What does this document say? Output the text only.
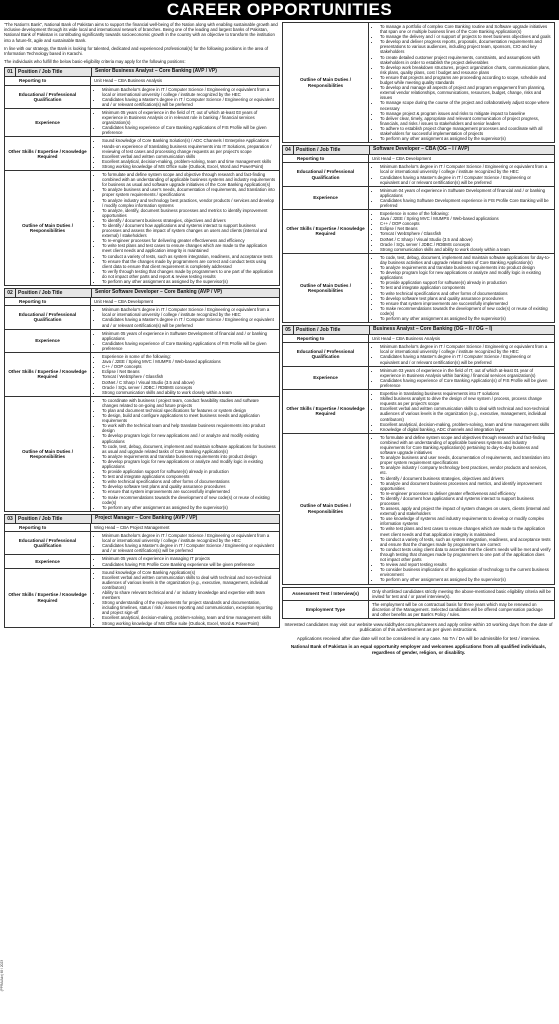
CAREER OPPORTUNITIES

"The Nation's Bank", National Bank of Pakistan aims to support the financial well-being of the Nation along with enabling sustainable growth and inclusive development through its wide local and international network of branches. Being one of the leading and largest banks of Pakistan, National Bank of Pakistan is contributing significantly towards socioeconomic growth in the country with an objective to transform the institution into a future-fit, agile and sustainable Bank.

In line with our strategy, the Bank is looking for talented, dedicated and experienced professional(s) for the following positions in the area of Information Technology based in Karachi.

The individuals who fulfill the below basic-eligibility criteria may apply for the following positions:

01	Position / Job Title	Senior Business Analyst – Core Banking (AVP / VP)
Reporting to	Unit Head – CBA Business Analysis
Educational / Professional Qualification
• Minimum Bachelor's degree in IT / Computer Science / Engineering or equivalent from a local or international university / college / institute recognized by the HEC
• Candidates having a Master's degree in IT / Computer Science / Engineering or equivalent and / or relevant certification(s) will be preferred
Experience
• Minimum 05 years of experience in the field of IT, out of which at-least 03 years of experience in Business Analysis or in relevant role in banking / financial services organization(s)
• Candidates having experience of Core Banking Applications of FIS Profile will be given preference
Other Skills / Expertise / Knowledge Required
• Sound knowledge of Core Banking Solution(s) / ADC Channels / Enterprise Applications
• Hands-on experience of translating business requirements into IT Solutions, preparation / reviewing of test cases and processing change requests as per project's scope
• Excellent verbal and written communication skills
• Excellent analytical, decision-making, problem-solving, team and time management skills
• Strong working knowledge of MS Office suite (Outlook, Excel, Word and PowerPoint)
Outline of Main Duties / Responsibilities
• To formulate and define system scope and objective through research and fact-finding combined with an understanding of applicable business systems and industry requirements for business as usual and software upgrade initiatives of the Core Banking Application(s)
• To analyze business and user's needs, documentation of requirements, and translation into proper system requirements / specifications
• To analyze industry and technology best practices, vendor products / services and develop / modify complex information systems
• To analyze, identify, document business processes and metrics to identify improvement opportunities
• To identify / document business strategies, objectives and drivers
• To identify / document how applications and systems interact to support business processes and assess the impact of system changes on users and clients (internal and external) / stakeholders
• To re-engineer processes for delivering greater effectiveness and efficiency
• To write test plans and test cases to ensure changes which are made to the application meet client needs and application integrity is maintained
• To conduct a variety of tests, such as system integration, readiness, and acceptance tests
• To ensure that the changes made by programmers are correct and conduct tests using client data to ensure that client requirement is completely addressed
• To verify through testing that changes made by programmers to one part of the application do not impact other parts and report & review testing results
• To perform any other assignment as assigned by the supervisor(s)
02	Position / Job Title	Senior Software Developer – Core Banking (AVP / VP)
Reporting to	Unit Head – CBA Development
Educational / Professional Qualification
• Minimum Bachelor's degree in IT / Computer Science / Engineering or equivalent from a local or international university / college / institute recognized by the HEC
• Candidates having a Master's degree in IT / Computer Science / Engineering or equivalent and / or relevant certification(s) will be preferred
Experience
• Minimum 05 years of experience in Software Development of financial and / or banking applications
• Candidates having experience of Core Banking Applications of FIS Profile will be given preference
Other Skills / Expertise / Knowledge Required
• Experience in some of the following:
• Java / J2EE / Spring MVC / MUMPS / Web-based applications
• C++ / OOP concepts
• Eclipse / Net Beans
• Tomcat / WebSphere / Glassfish
• DotNet / C Sharp / Visual Studio (3.5 and above)
• Oracle / SQL server / JDBC / RDBMS concepts
• Strong communication skills and ability to work closely within a team
Outline of Main Duties / Responsibilities
• To coordinate with business / project team, conduct feasibility studies and software changes related to on-going and future projects
• To plan and document technical specifications for features or system design
• To design, build and configure applications to meet business needs and application requirements
• To work with the technical team and help translate business requirements into product design
• To develop program logic for new applications and / or analyze and modify existing applications
• To code, test, debug, document, implement and maintain software applications for business as usual and upgrade related tasks of Core Banking Application(s)
• To analyze requirements and translate business requirements into product design
• To develop program logic for new applications or analyze and modify logic in existing applications
• To provide application support for software(s) already in production
• To test and integrate applications components
• To write technical specifications and other forms of documentations
• To develop software test plans and quality assurance procedures
• To ensure that system improvements are successfully implemented
• To make recommendations towards the development of new code(s) or reuse of existing code(s)
• To perform any other assignment as assigned by the supervisor(s)
03	Position / Job Title	Project Manager – Core Banking (AVP / VP)
Reporting to	Wing Head – CBA Project Management
Educational / Professional Qualification
• Minimum Bachelor's degree in IT / Computer Science / Engineering or equivalent from a local or international university / college / institute recognized by the HEC
• Candidates having a Master's degree in IT / Computer Science / Engineering or equivalent and / or relevant certification(s) will be preferred
Experience
•	Minimum 05 years of experience in managing IT projects
• Candidates having FIS Profile Core Banking experience will be given preference
Other Skills / Expertise / Knowledge Required
• Sound knowledge of Core Banking Application(s)
• Excellent verbal and written communication skills to deal with technical and non-technical audiences of various levels in the organization (e.g., executive, management, individual contributors)
• Ability to share relevant technical and / or industry knowledge and expertise with team members
• Strong understanding of the requirements for project standards and documentation, including timelines, status / risk / issues reporting and communication, exception reporting and project sign-off
• Excellent analytical, decision-making, problem-solving, team and time management skills
• Strong working knowledge of MS Office suite (Outlook, Excel, Word & PowerPoint)
Outline of Main Duties / Responsibilities
• To manage a portfolio of complex Core Banking routine and Software upgrade initiatives that span one or multiple business lines of the Core Banking Application(s)
• To manage the delivery and / or support of projects to meet business objectives and goals
• To develop and deliver progress reports, proposals, documentation requirements and presentations to various audiences, including project team, sponsors, CIO and key stakeholders
• To create detailed customer project requirements, constraints, and assumptions with stakeholders in order to establish the project deliverables
• To develop work breakdown structures, project organization charts, communication plans, risk plans, quality plans, cost / budget and resource plans
• To ensure that projects and programs are proceeding according to scope, schedule and budget while meeting quality standards
• To develop and manage all aspects of project and program engagement from planning, external vendor relationships, communications, resources, budget, change, risks and issues
• To manage scope during the course of the project and collaboratively adjust scope where necessary
• To manage project & program issues and risks to mitigate impact to baseline
• To deliver clear, timely, appropriate and relevant communication of project progress, financials, and risks / issues to stakeholders and senior leaders
• To adhere to establish project change management processes and coordinate with all stakeholders for successful implementation of projects
• To perform any other assignment as assigned by the supervisor(s)
04	Position / Job Title	Software Developer – CBA (OG – I / AVP)
Reporting to	Unit Head – CBA Development
Educational / Professional Qualification
• Minimum Bachelor's degree in IT / Computer Science / Engineering or equivalent from a local or international university / college / institute recognized by the HEC
• Candidates having a Master's degree in IT / Computer Science / Engineering or equivalent and / or relevant certification(s) will be preferred
Experience
• Minimum 04 years of experience in Software Development of financial and / or banking applications
• Candidates having Software Development experience in FIS Profile Core Banking will be preferred
Other Skills / Expertise / Knowledge Required
• Experience in some of the following:
• Java / J2EE / Spring MVC / MUMPS / Web-based applications
• C++ / OOP concepts
• Eclipse / Net Beans
• Tomcat / WebSphere / Glassfish
• DotNet / C Sharp / Visual Studio (3.5 and above)
• Oracle / SQL server / JDBC / RDBMS concepts
• Strong communication skills and ability to work closely within a team
Outline of Main Duties / Responsibilities
• To code, test, debug, document, implement and maintain software applications for day-to-day business activities and upgrade related tasks of Core Banking Application(s)
• To analyze requirements and translate business requirements into product design
• To develop program logic for new applications or analyze and modify logic in existing applications
• To provide application support for software(s) already in production
• To test and integrate application components
• To write technical specifications and other forms of documentations
• To develop software test plans and quality assurance procedures
• To ensure that system improvements are successfully implemented
• To make recommendations towards the development of new code(s) or reuse of existing code(s)
• To perform any other assignment as assigned by the supervisor(s)
05	Position / Job Title	Business Analyst – Core Banking (OG – II / OG – I)
Reporting to	Unit Head – CBA Business Analysis
Educational / Professional Qualification
• Minimum Bachelor's degree in IT / Computer Science / Engineering or equivalent from a local or international university / college / institute recognized by the HEC
• Candidates having a Master's degree in IT / Computer Science / Engineering or equivalent and / or relevant certification(s) will be preferred
Experience
• Minimum 03 years of experience in the field of IT, out of which at-least 01 year of experience in Business Analysis within banking / financial services organization(s)
• Candidates having experience of Core Banking Application(s) of FIS Profile will be given preference
Other Skills / Expertise / Knowledge Required
• Expertise in translating business requirements into IT solutions
• Skilled business analyst to drive the design of new system / process, process change requests as per project's scope
• Excellent verbal and written communication skills to deal with technical and non-technical audiences of various levels in the organization (e.g., executive, management, individual contributors)
• Excellent analytical, decision-making, problem-solving, team and time management skills
• Knowledge of digital banking, ADC channels and integration layer
Outline of Main Duties / Responsibilities
• To formulate and define system scope and objectives through research and fact-finding combined with an understanding of applicable business systems and industry requirements for Core Banking Application(s) pertaining to day-to-day business and software upgrade initiatives
• To analyze business and user needs, documentation of requirements, and translation into proper system requirement specifications
• To analyze industry / company technology best practices, vendor products and services, etc.
• To identify / document business strategies, objectives and drivers
• To analyze and document business processes and metrics, and identify improvement opportunities
• To re-engineer processes to deliver greater effectiveness and efficiency
• To identify / document how applications and systems interact to support business processes
• To assess, apply and project the impact of system changes on users, clients (internal and external) and stakeholders
• To use knowledge of systems and industry requirements to develop or modify complex information systems
• To write test plans and test cases to ensure changes which are made to the application meet client needs and that application integrity is maintained
• To conduct a variety of tests, such as system integration, readiness, and acceptance tests and ensure that the changes made by programmers are correct
• To conduct tests using client data to ascertain that the client's needs will be met and verify through testing that changes made by programmers to one part of the application does not impact other parts
• To review and report testing results
• To consider business implications of the application of technology to the current business environment
• To perform any other assignment as assigned by the supervisor(s)
Assessment Test / Interview(s)	Only shortlisted candidates strictly meeting the above-mentioned basic eligibility criteria will be invited for test and / or panel interview(s).
Employment Type
The employment will be on contractual basis for three years which may be renewed on discretion of the Management. Selected candidates will be offered compensation package and other benefits as per Bank's Policy / rules.

Interested candidates may visit our website www.siddhyder.com.pk/careers and apply online within 10 working days from the date of publication of this advertisement as per given instructions.

Applications received after due date will not be considered in any case. No TA / DA will be admissible for test / interview.

National Bank of Pakistan is an equal opportunity employer and welcomes applications from all qualified individuals, regardless of gender, religion, or disability.

(PPRA/Adv) 69 / 2023
